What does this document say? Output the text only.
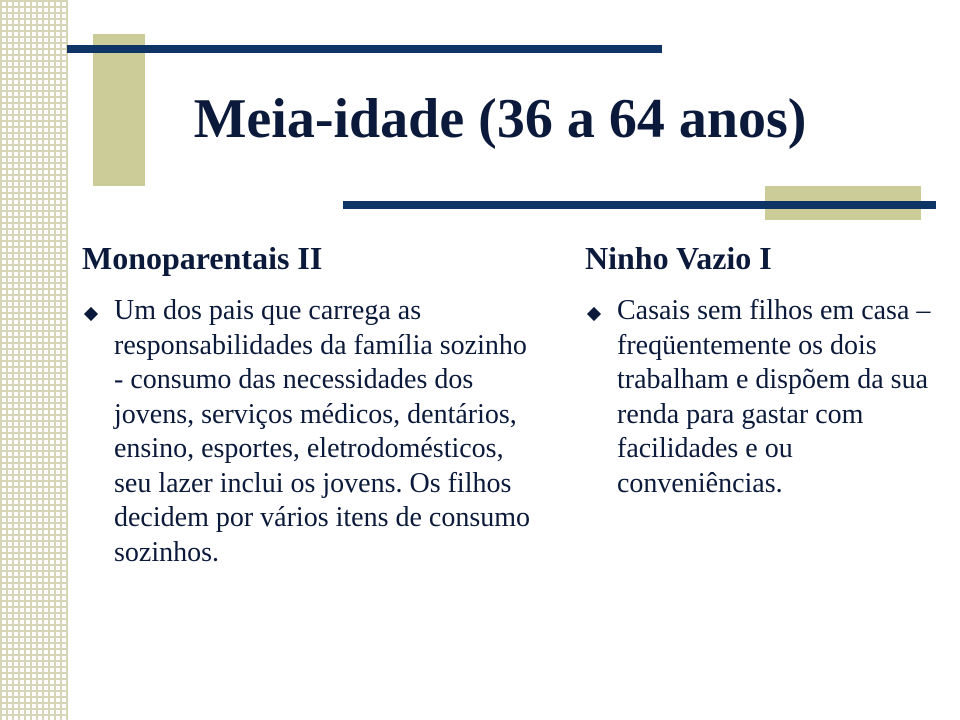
Meia-idade (36 a 64 anos)
Monoparentais II
Um dos pais que carrega as responsabilidades da família sozinho - consumo das necessidades dos jovens, serviços médicos, dentários, ensino, esportes, eletrodomésticos, seu lazer inclui os jovens. Os filhos decidem por vários itens de consumo sozinhos.
Ninho Vazio I
Casais sem filhos em casa – freqüentemente os dois trabalham e dispõem da sua renda para gastar com facilidades e ou conveniências.
